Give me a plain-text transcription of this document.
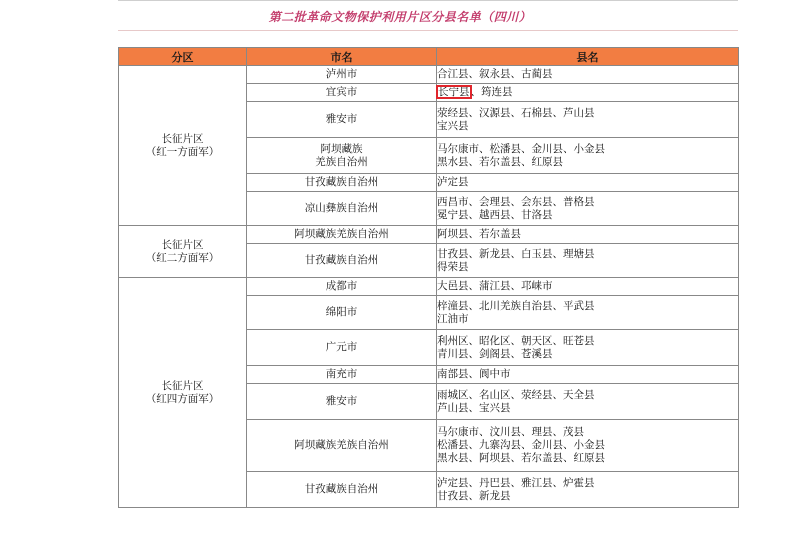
第二批革命文物保护利用片区分县名单（四川）
分区	市名	县名

长征片区
（红一方面军）	泸州市	合江县、叙永县、古蔺县

	宜宾市	长宁县、筠连县

	雅安市	荥经县、汉源县、石棉县、芦山县
宝兴县

	阿坝藏族
羌族自治州	马尔康市、松潘县、金川县、小金县
黑水县、若尔盖县、红原县

	甘孜藏族自治州	泸定县

	凉山彝族自治州	西昌市、会理县、会东县、普格县
冕宁县、越西县、甘洛县

长征片区
（红二方面军）	阿坝藏族羌族自治州	阿坝县、若尔盖县

	甘孜藏族自治州	甘孜县、新龙县、白玉县、理塘县
得荣县

长征片区
（红四方面军）	成都市	大邑县、蒲江县、邛崃市

	绵阳市	梓潼县、北川羌族自治县、平武县
江油市

	广元市	利州区、昭化区、朝天区、旺苍县
青川县、剑阁县、苍溪县

	南充市	南部县、阆中市

	雅安市	雨城区、名山区、荥经县、天全县
芦山县、宝兴县

	阿坝藏族羌族自治州	马尔康市、汶川县、理县、茂县
松潘县、九寨沟县、金川县、小金县
黑水县、阿坝县、若尔盖县、红原县

	甘孜藏族自治州	泸定县、丹巴县、雅江县、炉霍县
甘孜县、新龙县
